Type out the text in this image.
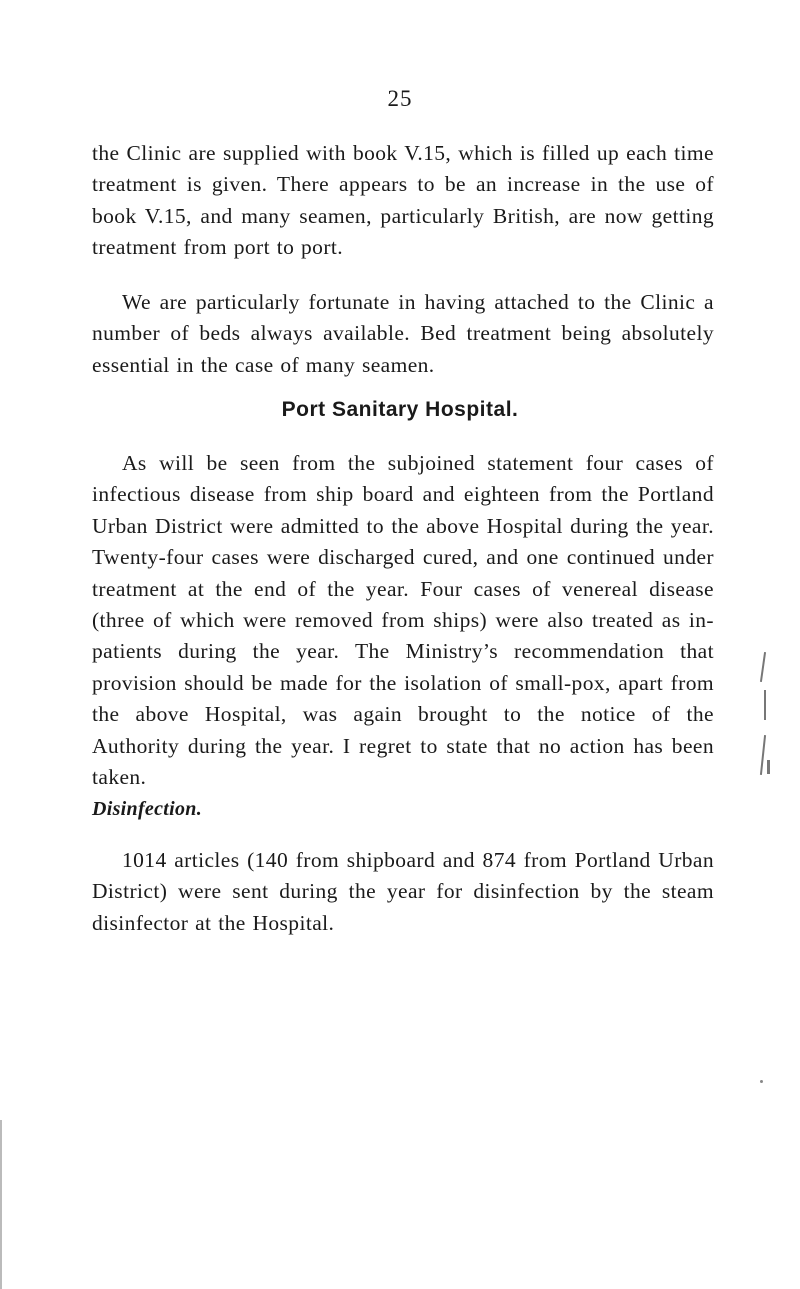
25

the Clinic are supplied with book V.15, which is filled up each time treatment is given. There appears to be an increase in the use of book V.15, and many seamen, particularly British, are now getting treatment from port to port.

We are particularly fortunate in having attached to the Clinic a number of beds always available. Bed treatment being absolutely essential in the case of many seamen.

Port Sanitary Hospital.

As will be seen from the subjoined statement four cases of infectious disease from ship board and eighteen from the Portland Urban District were admitted to the above Hospital during the year. Twenty-four cases were discharged cured, and one continued under treatment at the end of the year. Four cases of venereal disease (three of which were removed from ships) were also treated as in-patients during the year. The Ministry’s recommendation that provision should be made for the isolation of small-pox, apart from the above Hospital, was again brought to the notice of the Authority during the year. I regret to state that no action has been taken.

Disinfection.

1014 articles (140 from shipboard and 874 from Portland Urban District) were sent during the year for disinfection by the steam disinfector at the Hospital.
